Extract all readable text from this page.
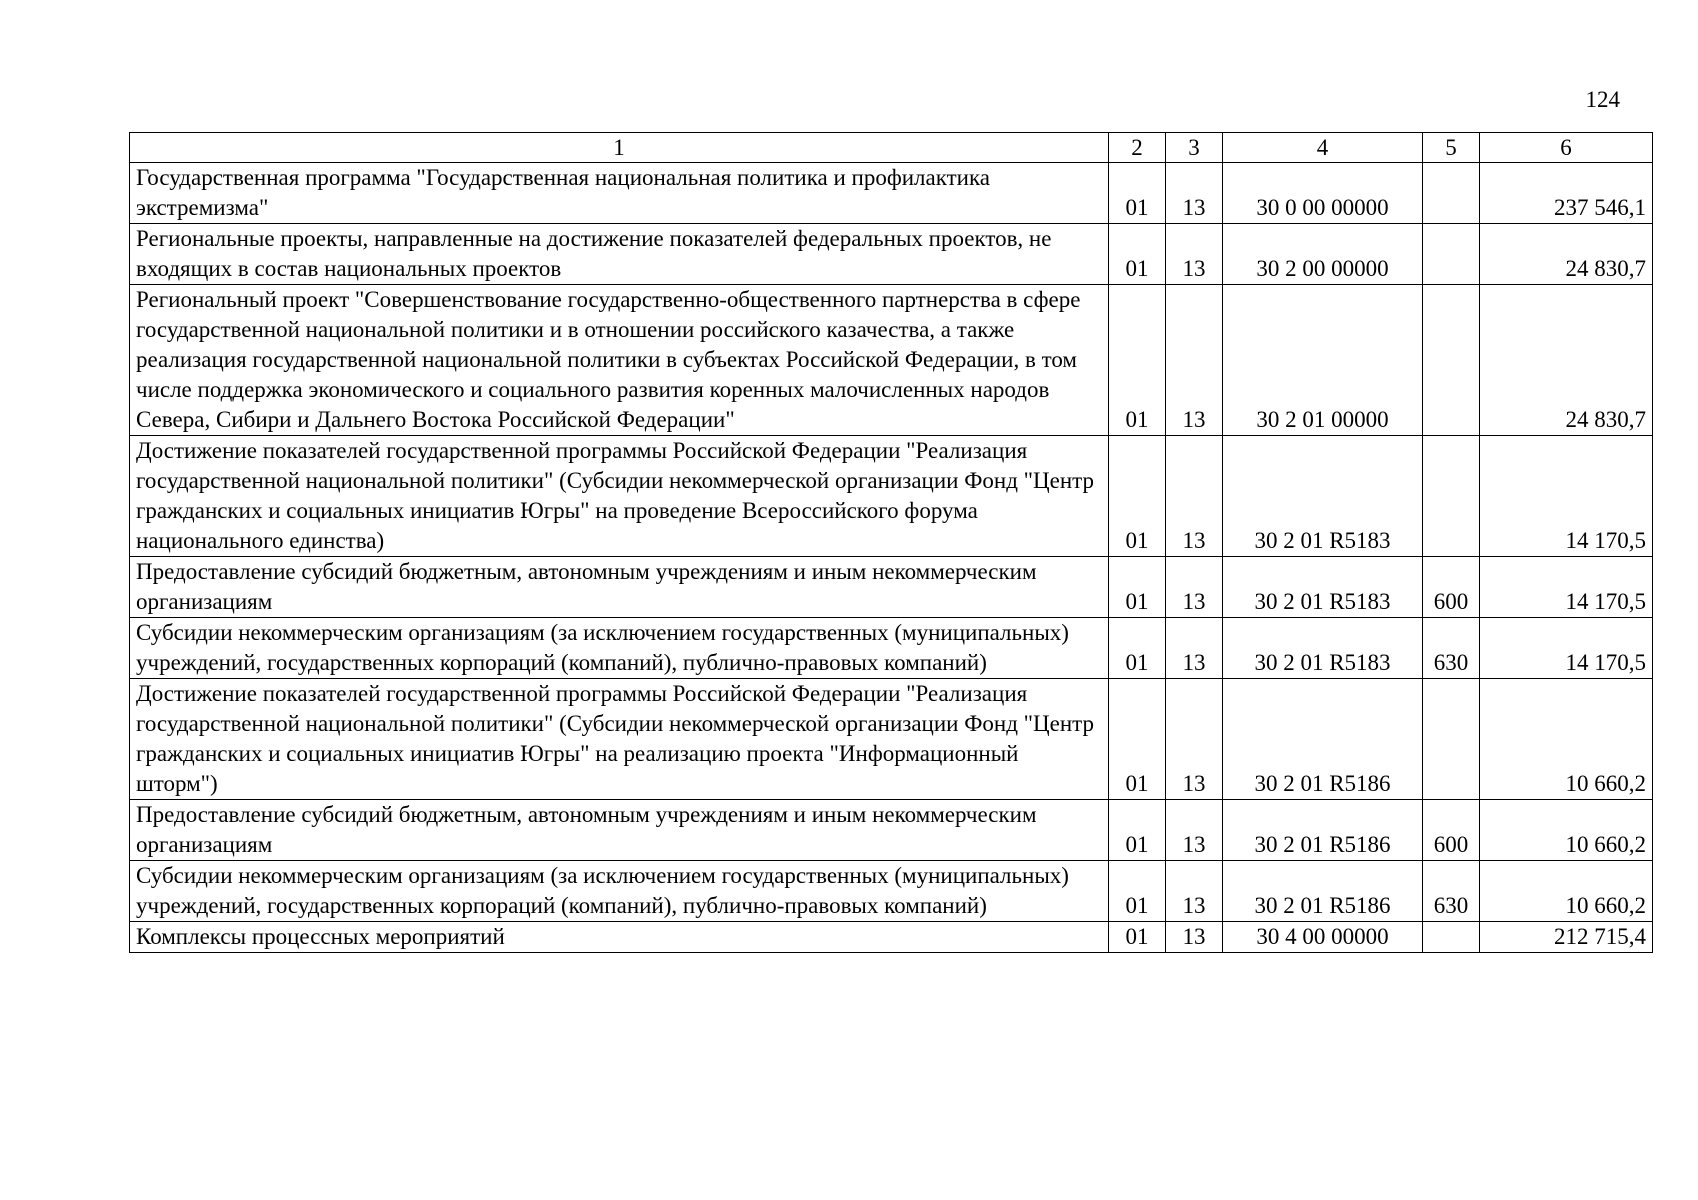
124
1	2	3	4	5	6
Государственная программа "Государственная национальная политика и профилактика экстремизма"	01	13	30 0 00 00000		237 546,1
Региональные проекты, направленные на достижение показателей федеральных проектов, не входящих в состав национальных проектов	01	13	30 2 00 00000		24 830,7
Региональный проект "Совершенствование государственно-общественного партнерства в сфере государственной национальной политики и в отношении российского казачества, а также реализация государственной национальной политики в субъектах Российской Федерации, в том числе поддержка экономического и социального развития коренных малочисленных народов Севера, Сибири и Дальнего Востока Российской Федерации"	01	13	30 2 01 00000		24 830,7
Достижение показателей государственной программы Российской Федерации "Реализация государственной национальной политики" (Субсидии некоммерческой организации Фонд "Центр гражданских и социальных инициатив Югры" на проведение Всероссийского форума национального единства)	01	13	30 2 01 R5183		14 170,5
Предоставление субсидий бюджетным, автономным учреждениям и иным некоммерческим организациям	01	13	30 2 01 R5183	600	14 170,5
Субсидии некоммерческим организациям (за исключением государственных (муниципальных) учреждений, государственных корпораций (компаний), публично-правовых компаний)	01	13	30 2 01 R5183	630	14 170,5
Достижение показателей государственной программы Российской Федерации "Реализация государственной национальной политики" (Субсидии некоммерческой организации Фонд "Центр гражданских и социальных инициатив Югры" на реализацию проекта "Информационный шторм")	01	13	30 2 01 R5186		10 660,2
Предоставление субсидий бюджетным, автономным учреждениям и иным некоммерческим организациям	01	13	30 2 01 R5186	600	10 660,2
Субсидии некоммерческим организациям (за исключением государственных (муниципальных) учреждений, государственных корпораций (компаний), публично-правовых компаний)	01	13	30 2 01 R5186	630	10 660,2
Комплексы процессных мероприятий	01	13	30 4 00 00000		212 715,4
